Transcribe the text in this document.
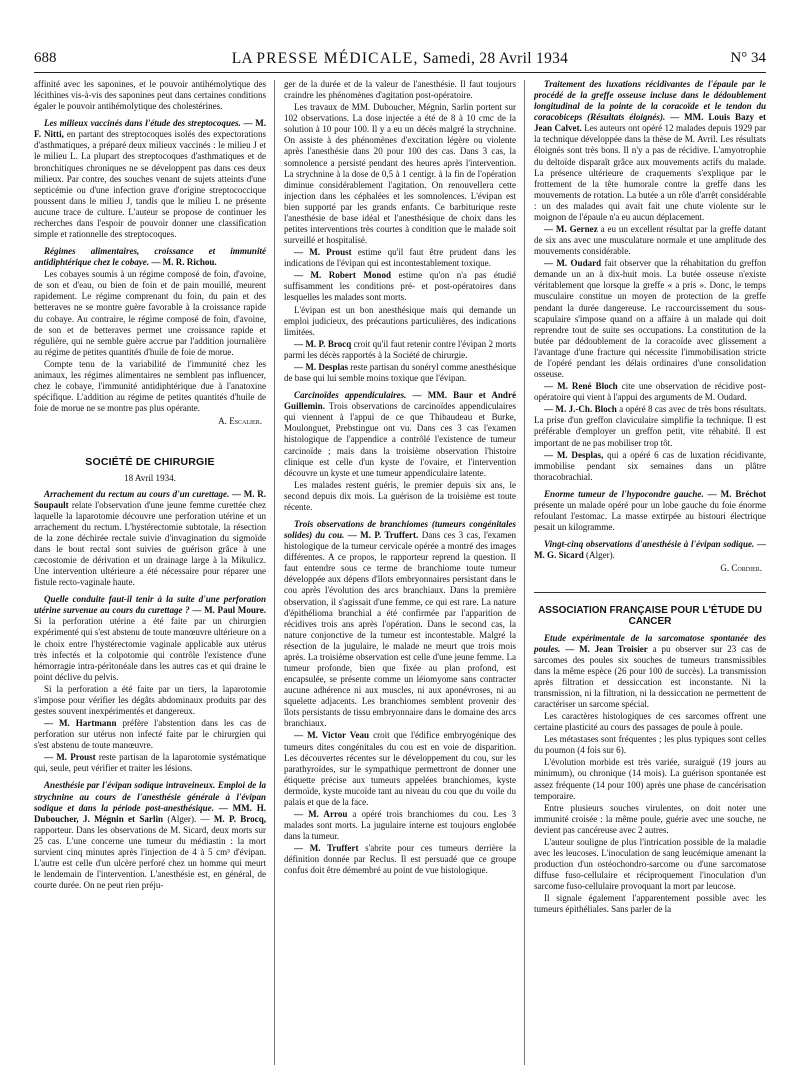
688	LA PRESSE MÉDICALE, Samedi, 28 Avril 1934	N° 34

affinité avec les saponines, et le pouvoir antihémolytique des lécithines vis-à-vis des saponines peut dans certaines conditions égaler le pouvoir antihémolytique des cholestérines.

Les milieux vaccinés dans l'étude des streptocoques. — M. F. Nitti, en partant des streptocoques isolés des expectorations d'asthmatiques, a préparé deux milieux vaccinés : le milieu J et le milieu L. La plupart des streptocoques d'asthmatiques et de bronchitiques chroniques ne se développent pas dans ces deux milieux. Par contre, des souches venant de sujets atteints d'une septicémie ou d'une infection grave d'origine streptococcique poussent dans le milieu J, tandis que le milieu L ne présente aucune trace de culture. L'auteur se propose de continuer les recherches dans l'espoir de pouvoir donner une classification simple et rationnelle des streptocoques.

Régimes alimentaires, croissance et immunité antidiphtérique chez le cobaye. — M. R. Richou.

Les cobayes soumis à un régime composé de foin, d'avoine, de son et d'eau, ou bien de foin et de pain mouillé, meurent rapidement. Le régime comprenant du foin, du pain et des betteraves ne se montre guère favorable à la croissance rapide du cobaye. Au contraire, le régime composé de foin, d'avoine, de son et de betteraves permet une croissance rapide et régulière, qui ne semble guère accrue par l'addition journalière au régime de petites quantités d'huile de foie de morue.

Compte tenu de la variabilité de l'immunité chez les animaux, les régimes alimentaires ne semblent pas influencer, chez le cobaye, l'immunité antidiphtérique due à l'anatoxine spécifique. L'addition au régime de petites quantités d'huile de foie de morue ne se montre pas plus opérante.

A. Escalier.

SOCIÉTÉ DE CHIRURGIE

18 Avril 1934.

Arrachement du rectum au cours d'un curettage. — M. R. Soupault relate l'observation d'une jeune femme curettée chez laquelle la laparotomie découvre une perforation utérine et un arrachement du rectum. L'hystérectomie subtotale, la résection de la zone déchirée rectale suivie d'invagination du sigmoïde dans le bout rectal sont suivies de guérison grâce à une cæcostomie de dérivation et un drainage large à la Mikulicz. Une intervention ultérieure a été nécessaire pour réparer une fistule recto-vaginale haute.

Quelle conduite faut-il tenir à la suite d'une perforation utérine survenue au cours du curettage ? — M. Paul Moure. Si la perforation utérine a été faite par un chirurgien expérimenté qui s'est abstenu de toute manœuvre ultérieure on a le choix entre l'hystérectomie vaginale applicable aux utérus très infectés et la colpotomie qui contrôle l'existence d'une hémorragie intra-péritonéale dans les autres cas et qui draine le point déclive du pelvis.

Si la perforation a été faite par un tiers, la laparotomie s'impose pour vérifier les dégâts abdominaux produits par des gestes souvent inexpérimentés et dangereux.

— M. Hartmann préfère l'abstention dans les cas de perforation sur utérus non infecté faite par le chirurgien qui s'est abstenu de toute manœuvre.

— M. Proust reste partisan de la laparotomie systématique qui, seule, peut vérifier et traiter les lésions.

Anesthésie par l'évipan sodique intraveineux. Emploi de la strychnine au cours de l'anesthésie générale à l'évipan sodique et dans la période post-anesthésique. — MM. H. Duboucher, J. Mégnin et Sarlin (Alger). — M. P. Brocq, rapporteur. Dans les observations de M. Sicard, deux morts sur 25 cas. L'une concerne une tumeur du médiastin : la mort survient cinq minutes après l'injection de 4 à 5 cm³ d'évipan. L'autre est celle d'un ulcère perforé chez un homme qui meurt le lendemain de l'intervention. L'anesthésie est, en général, de courte durée. On ne peut rien préju-

ger de la durée et de la valeur de l'anesthésie. Il faut toujours craindre les phénomènes d'agitation post-opératoire.

Les travaux de MM. Duboucher, Mégnin, Sarlin portent sur 102 observations. La dose injectée a été de 8 à 10 cmc de la solution à 10 pour 100. Il y a eu un décès malgré la strychnine. On assiste à des phénomènes d'excitation légère ou violente après l'anesthésie dans 20 pour 100 des cas. Dans 3 cas, la somnolence a persisté pendant des heures après l'intervention. La strychnine à la dose de 0,5 à 1 centigr. à la fin de l'opération diminue considérablement l'agitation. On renouvellera cette injection dans les céphalées et les somnolences. L'évipan est bien supporté par les grands enfants. Ce barbiturique reste l'anesthésie de base idéal et l'anesthésique de choix dans les petites interventions très courtes à condition que le malade soit surveillé et hospitalisé.

— M. Proust estime qu'il faut être prudent dans les indications de l'évipan qui est incontestablement toxique.

— M. Robert Monod estime qu'on n'a pas étudié suffisamment les conditions pré- et post-opératoires dans lesquelles les malades sont morts.

L'évipan est un bon anesthésique mais qui demande un emploi judicieux, des précautions particulières, des indications limitées.

— M. P. Brocq croit qu'il faut retenir contre l'évipan 2 morts parmi les décès rapportés à la Société de chirurgie.

— M. Desplas reste partisan du sonéryl comme anesthésique de base qui lui semble moins toxique que l'évipan.

Carcinoïdes appendiculaires. — MM. Baur et André Guillemin. Trois observations de carcinoïdes appendiculaires qui viennent à l'appui de ce que Thibaudeau et Burke, Moulonguet, Prebstingue ont vu. Dans ces 3 cas l'examen histologique de l'appendice a contrôlé l'existence de tumeur carcinoïde ; mais dans la troisième observation l'histoire clinique est celle d'un kyste de l'ovaire, et l'intervention découvre un kyste et une tumeur appendiculaire latente.

Les malades restent guéris, le premier depuis six ans, le second depuis dix mois. La guérison de la troisième est toute récente.

Trois observations de branchiomes (tumeurs congénitales solides) du cou. — M. P. Truffert. Dans ces 3 cas, l'examen histologique de la tumeur cervicale opérée a montré des images différentes. A ce propos, le rapporteur reprend la question. Il faut entendre sous ce terme de branchiome toute tumeur développée aux dépens d'îlots embryonnaires persistant dans le cou après l'évolution des arcs branchiaux. Dans la première observation, il s'agissait d'une femme, ce qui est rare. La nature d'épithélioma branchial a été confirmée par l'apparition de récidives trois ans après l'opération. Dans le second cas, la nature conjonctive de la tumeur est incontestable. Malgré la résection de la jugulaire, le malade ne meurt que trois mois après. La troisième observation est celle d'une jeune femme. La tumeur profonde, bien que fixée au plan profond, est encapsulée, se présente comme un léiomyome sans contracter aucune adhérence ni aux muscles, ni aux aponévroses, ni au squelette adjacents. Les branchiomes semblent provenir des îlots persistants de tissu embryonnaire dans le domaine des arcs branchiaux.

— M. Victor Veau croit que l'édifice embryogénique des tumeurs dites congénitales du cou est en voie de disparition. Les découvertes récentes sur le développement du cou, sur les parathyroïdes, sur le sympathique permettront de donner une étiquette précise aux tumeurs appelées branchiomes, kyste dermoïde, kyste mucoïde tant au niveau du cou que du voile du palais et que de la face.

— M. Arrou a opéré trois branchiomes du cou. Les 3 malades sont morts. La jugulaire interne est toujours englobée dans la tumeur.

— M. Truffert s'abrite pour ces tumeurs derrière la définition donnée par Reclus. Il est persuadé que ce groupe confus doit être démembré au point de vue histologique.

Traitement des luxations récidivantes de l'épaule par le procédé de la greffe osseuse incluse dans le dédoublement longitudinal de la pointe de la coracoïde et le tendon du coracobiceps (Résultats éloignés). — MM. Louis Bazy et Jean Calvet. Les auteurs ont opéré 12 malades depuis 1929 par la technique développée dans la thèse de M. Avril. Les résultats éloignés sont très bons. Il n'y a pas de récidive. L'amyotrophie du deltoïde disparaît grâce aux mouvements actifs du malade. La présence ultérieure de craquements s'explique par le frottement de la tête humorale contre la greffe dans les mouvements de rotation. La butée a un rôle d'arrêt considérable : un des malades qui avait fait une chute violente sur le moignon de l'épaule n'a eu aucun déplacement.

— M. Gernez a eu un excellent résultat par la greffe datant de six ans avec une musculature normale et une amplitude des mouvements considérable.

— M. Oudard fait observer que la réhabitation du greffon demande un an à dix-huit mois. La butée osseuse n'existe véritablement que lorsque la greffe « a pris ». Donc, le temps musculaire constitue un moyen de protection de la greffe pendant la durée dangereuse. Le raccourcissement du sous-scapulaire s'impose quand on a affaire à un malade qui doit reprendre tout de suite ses occupations. La constitution de la butée par dédoublement de la coracoïde avec glissement a l'avantage d'une fracture qui nécessite l'immobilisation stricte de l'opéré pendant les délais ordinaires d'une consolidation osseuse.

— M. René Bloch cite une observation de récidive post-opératoire qui vient à l'appui des arguments de M. Oudard.

— M. J.-Ch. Bloch a opéré 8 cas avec de très bons résultats. La prise d'un greffon claviculaire simplifie la technique. Il est préférable d'employer un greffon petit, vite réhabité. Il est important de ne pas mobiliser trop tôt.

— M. Desplas, qui a opéré 6 cas de luxation récidivante, immobilise pendant six semaines dans un plâtre thoracobrachial.

Enorme tumeur de l'hypocondre gauche. — M. Bréchot présente un malade opéré pour un lobe gauche du foie énorme refoulant l'estomac. La masse extirpée au bistouri électrique pesait un kilogramme.

Vingt-cinq observations d'anesthésie à l'évipan sodique. — M. G. Sicard (Alger).

G. Cordier.

ASSOCIATION FRANÇAISE POUR L'ÉTUDE DU CANCER

Etude expérimentale de la sarcomatose spontanée des poules. — M. Jean Troisier a pu observer sur 23 cas de sarcomes des poules six souches de tumeurs transmissibles dans la même espèce (26 pour 100 de succès). La transmission après filtration et dessiccation est inconstante. Ni la transmission, ni la filtration, ni la dessiccation ne permettent de caractériser un sarcome spécial.

Les caractères histologiques de ces sarcomes offrent une certaine plasticité au cours des passages de poule à poule.

Les métastases sont fréquentes ; les plus typiques sont celles du poumon (4 fois sur 6).

L'évolution morbide est très variée, suraiguë (19 jours au minimum), ou chronique (14 mois). La guérison spontanée est assez fréquente (14 pour 100) après une phase de cancérisation temporaire.

Entre plusieurs souches virulentes, on doit noter une immunité croisée : la même poule, guérie avec une souche, ne devient pas cancéreuse avec 2 autres.

L'auteur souligne de plus l'intrication possible de la maladie avec les leucoses. L'inoculation de sang leucémique amenant la production d'un ostéochondro-sarcome ou d'une sarcomatose diffuse fuso-cellulaire et réciproquement l'inoculation d'un sarcome fuso-cellulaire provoquant la mort par leucose.

Il signale également l'apparentement possible avec les tumeurs épithéliales. Sans parler de la
